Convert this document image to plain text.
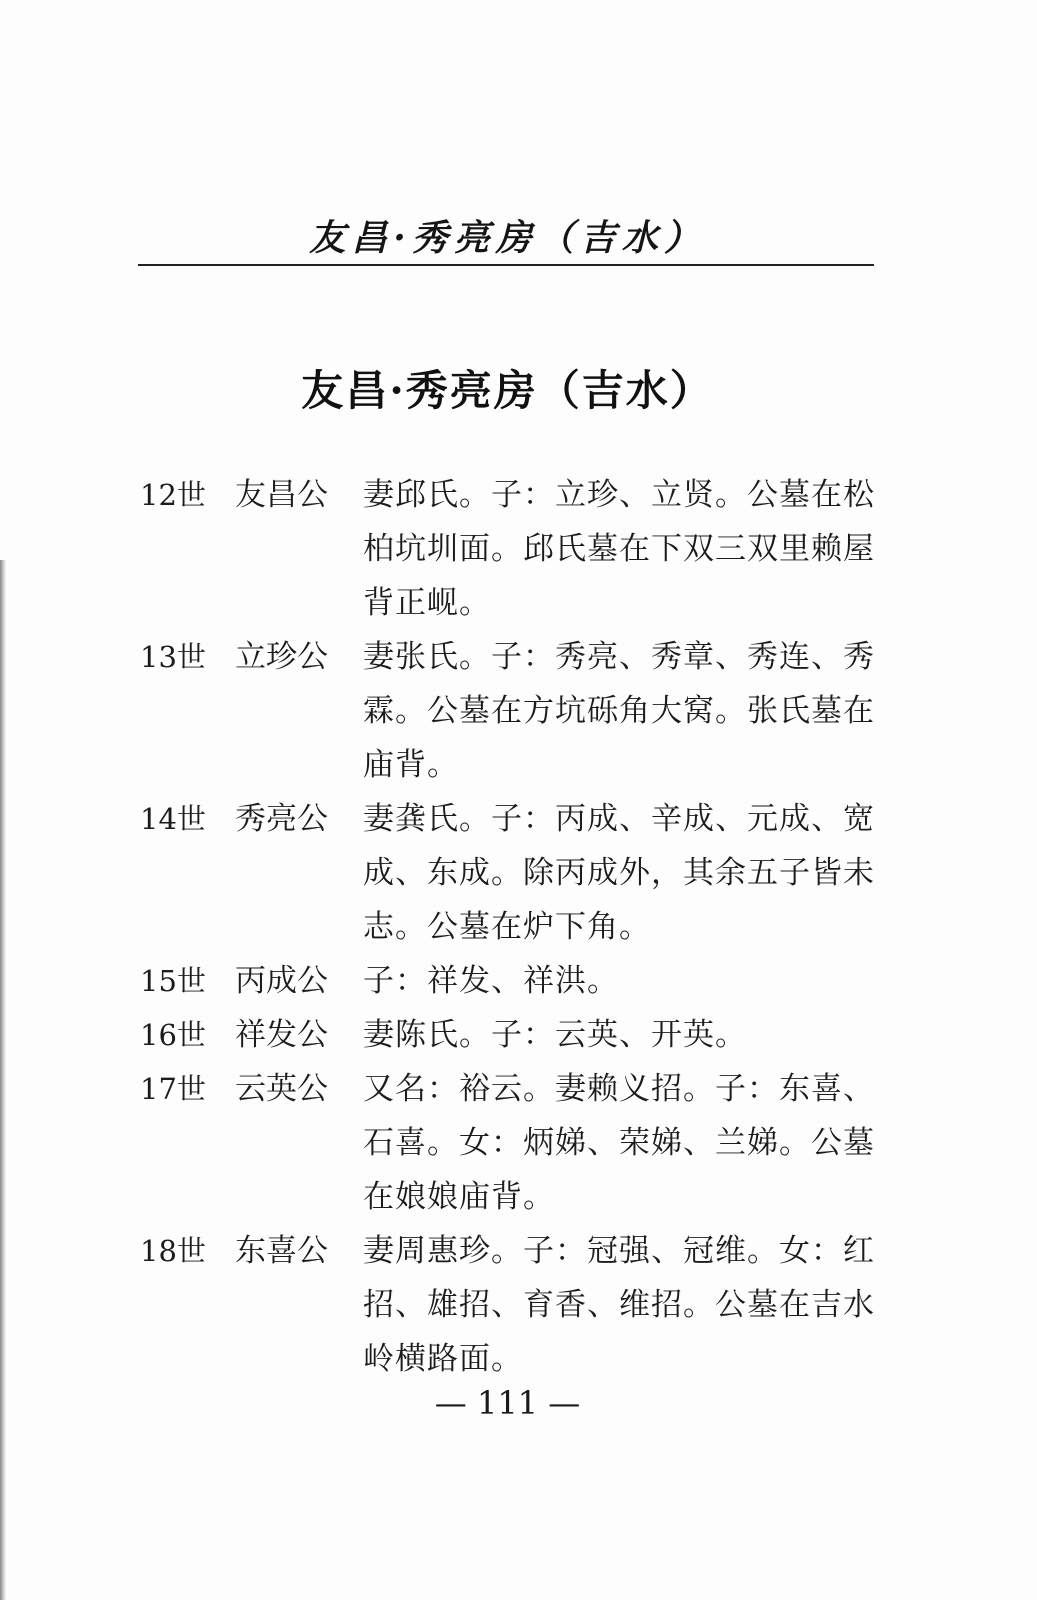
友昌·秀亮房（吉水）
友昌·秀亮房（吉水）
12世 友昌公	妻邱氏。子：立珍、立贤。公墓在松柏坑圳面。邱氏墓在下双三双里赖屋背正岘。
13世 立珍公	妻张氏。子：秀亮、秀章、秀连、秀霖。公墓在方坑砾角大窝。张氏墓在庙背。
14世 秀亮公	妻龚氏。子：丙成、辛成、元成、宽成、东成。除丙成外，其余五子皆未志。公墓在炉下角。
15世 丙成公	子：祥发、祥洪。
16世 祥发公	妻陈氏。子：云英、开英。
17世 云英公	又名：裕云。妻赖义招。子：东喜、石喜。女：炳娣、荣娣、兰娣。公墓在娘娘庙背。
18世 东喜公	妻周惠珍。子：冠强、冠维。女：红招、雄招、育香、维招。公墓在吉水岭横路面。
— 111 —
